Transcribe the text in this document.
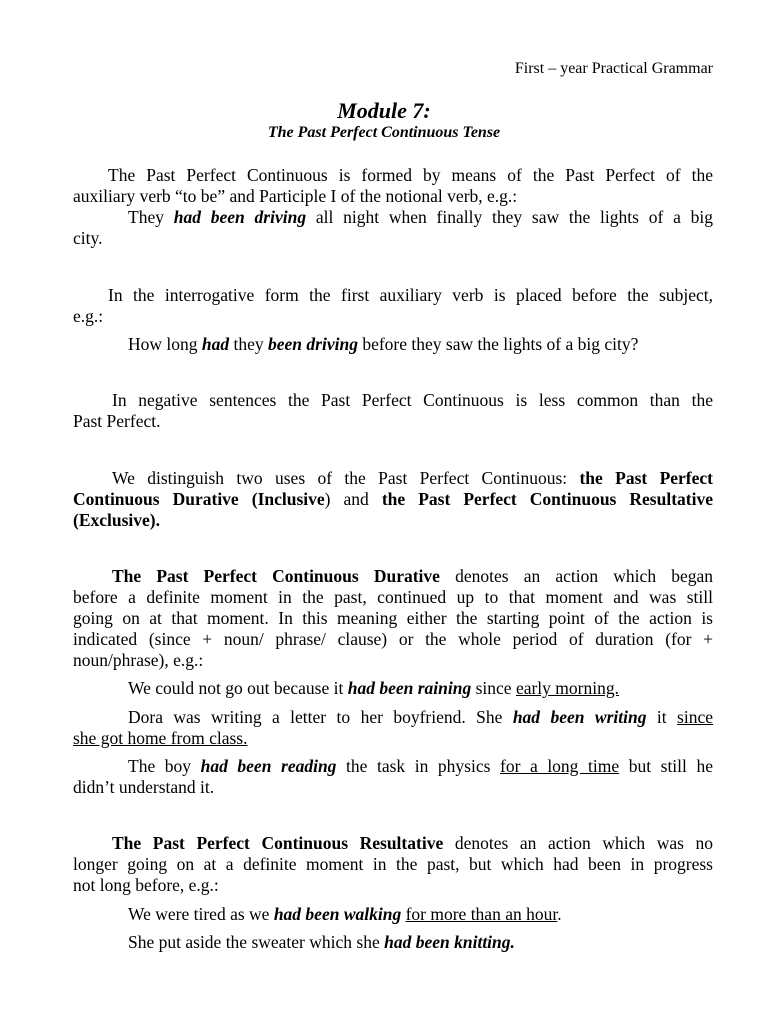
First – year Practical Grammar
Module 7:
The Past Perfect Continuous Tense
The Past Perfect Continuous is formed by means of the Past Perfect of the
auxiliary verb “to be” and Participle I of the notional verb, e.g.:
They had been driving all night when finally they saw the lights of a big
city.
In the interrogative form the first auxiliary verb is placed before the subject,
e.g.:
How long had they been driving before they saw the lights of a big city?
In negative sentences the Past Perfect Continuous is less common than the
Past Perfect.
We distinguish two uses of the Past Perfect Continuous: the Past Perfect
Continuous Durative (Inclusive) and the Past Perfect Continuous Resultative
(Exclusive).
The Past Perfect Continuous Durative denotes an action which began
before a definite moment in the past, continued up to that moment and was still
going on at that moment. In this meaning either the starting point of the action is
indicated (since + noun/ phrase/ clause) or the whole period of duration (for +
noun/phrase), e.g.:
We could not go out because it had been raining since early morning.
Dora was writing a letter to her boyfriend. She had been writing it since
she got home from class.
The boy had been reading the task in physics for a long time but still he
didn’t understand it.
The Past Perfect Continuous Resultative denotes an action which was no
longer going on at a definite moment in the past, but which had been in progress
not long before, e.g.:
We were tired as we had been walking for more than an hour.
She put aside the sweater which she had been knitting.
